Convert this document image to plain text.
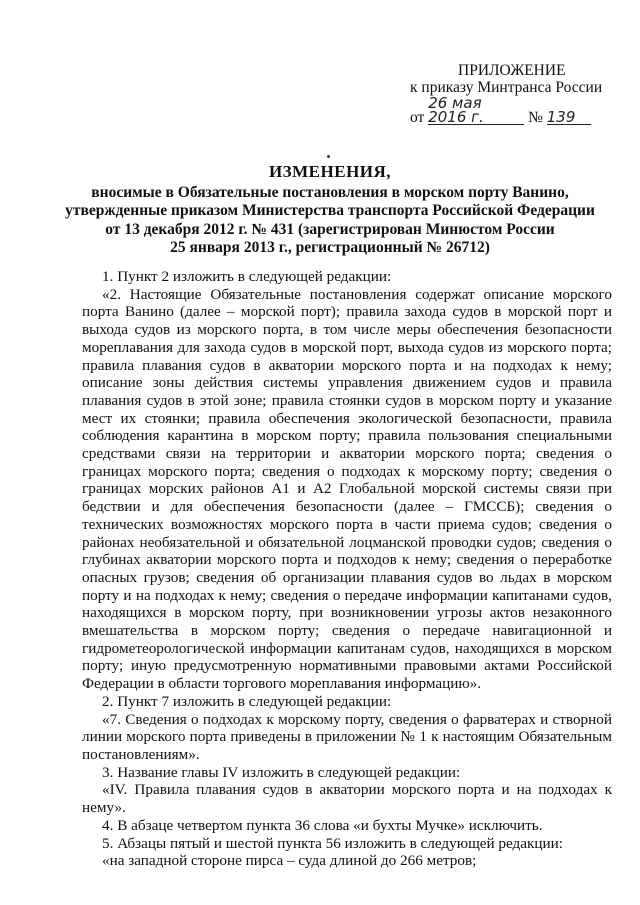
ПРИЛОЖЕНИЕ
к приказу Минтранса России
от 26 мая 2016 г.	№ 139
ИЗМЕНЕНИЯ,
вносимые в Обязательные постановления в морском порту Ванино,
утвержденные приказом Министерства транспорта Российской Федерации
от 13 декабря 2012 г. № 431 (зарегистрирован Минюстом России
25 января 2013 г., регистрационный № 26712)

1. Пункт 2 изложить в следующей редакции:

«2. Настоящие Обязательные постановления содержат описание морского порта Ванино (далее – морской порт); правила захода судов в морской порт и выхода судов из морского порта, в том числе меры обеспечения безопасности мореплавания для захода судов в морской порт, выхода судов из морского порта; правила плавания судов в акватории морского порта и на подходах к нему; описание зоны действия системы управления движением судов и правила плавания судов в этой зоне; правила стоянки судов в морском порту и указание мест их стоянки; правила обеспечения экологической безопасности, правила соблюдения карантина в морском порту; правила пользования специальными средствами связи на территории и акватории морского порта; сведения о границах морского порта; сведения о подходах к морскому порту; сведения о границах морских районов А1 и А2 Глобальной морской системы связи при бедствии и для обеспечения безопасности (далее – ГМССБ); сведения о технических возможностях морского порта в части приема судов; сведения о районах необязательной и обязательной лоцманской проводки судов; сведения о глубинах акватории морского порта и подходов к нему; сведения о переработке опасных грузов; сведения об организации плавания судов во льдах в морском порту и на подходах к нему; сведения о передаче информации капитанами судов, находящихся в морском порту, при возникновении угрозы актов незаконного вмешательства в морском порту; сведения о передаче навигационной и гидрометеорологической информации капитанам судов, находящихся в морском порту; иную предусмотренную нормативными правовыми актами Российской Федерации в области торгового мореплавания информацию».

2. Пункт 7 изложить в следующей редакции:

«7. Сведения о подходах к морскому порту, сведения о фарватерах и створной линии морского порта приведены в приложении № 1 к настоящим Обязательным постановлениям».

3. Название главы IV изложить в следующей редакции:

«IV. Правила плавания судов в акватории морского порта и на подходах к нему».

4. В абзаце четвертом пункта 36 слова «и бухты Мучке» исключить.

5. Абзацы пятый и шестой пункта 56 изложить в следующей редакции:

«на западной стороне пирса – суда длиной до 266 метров;
